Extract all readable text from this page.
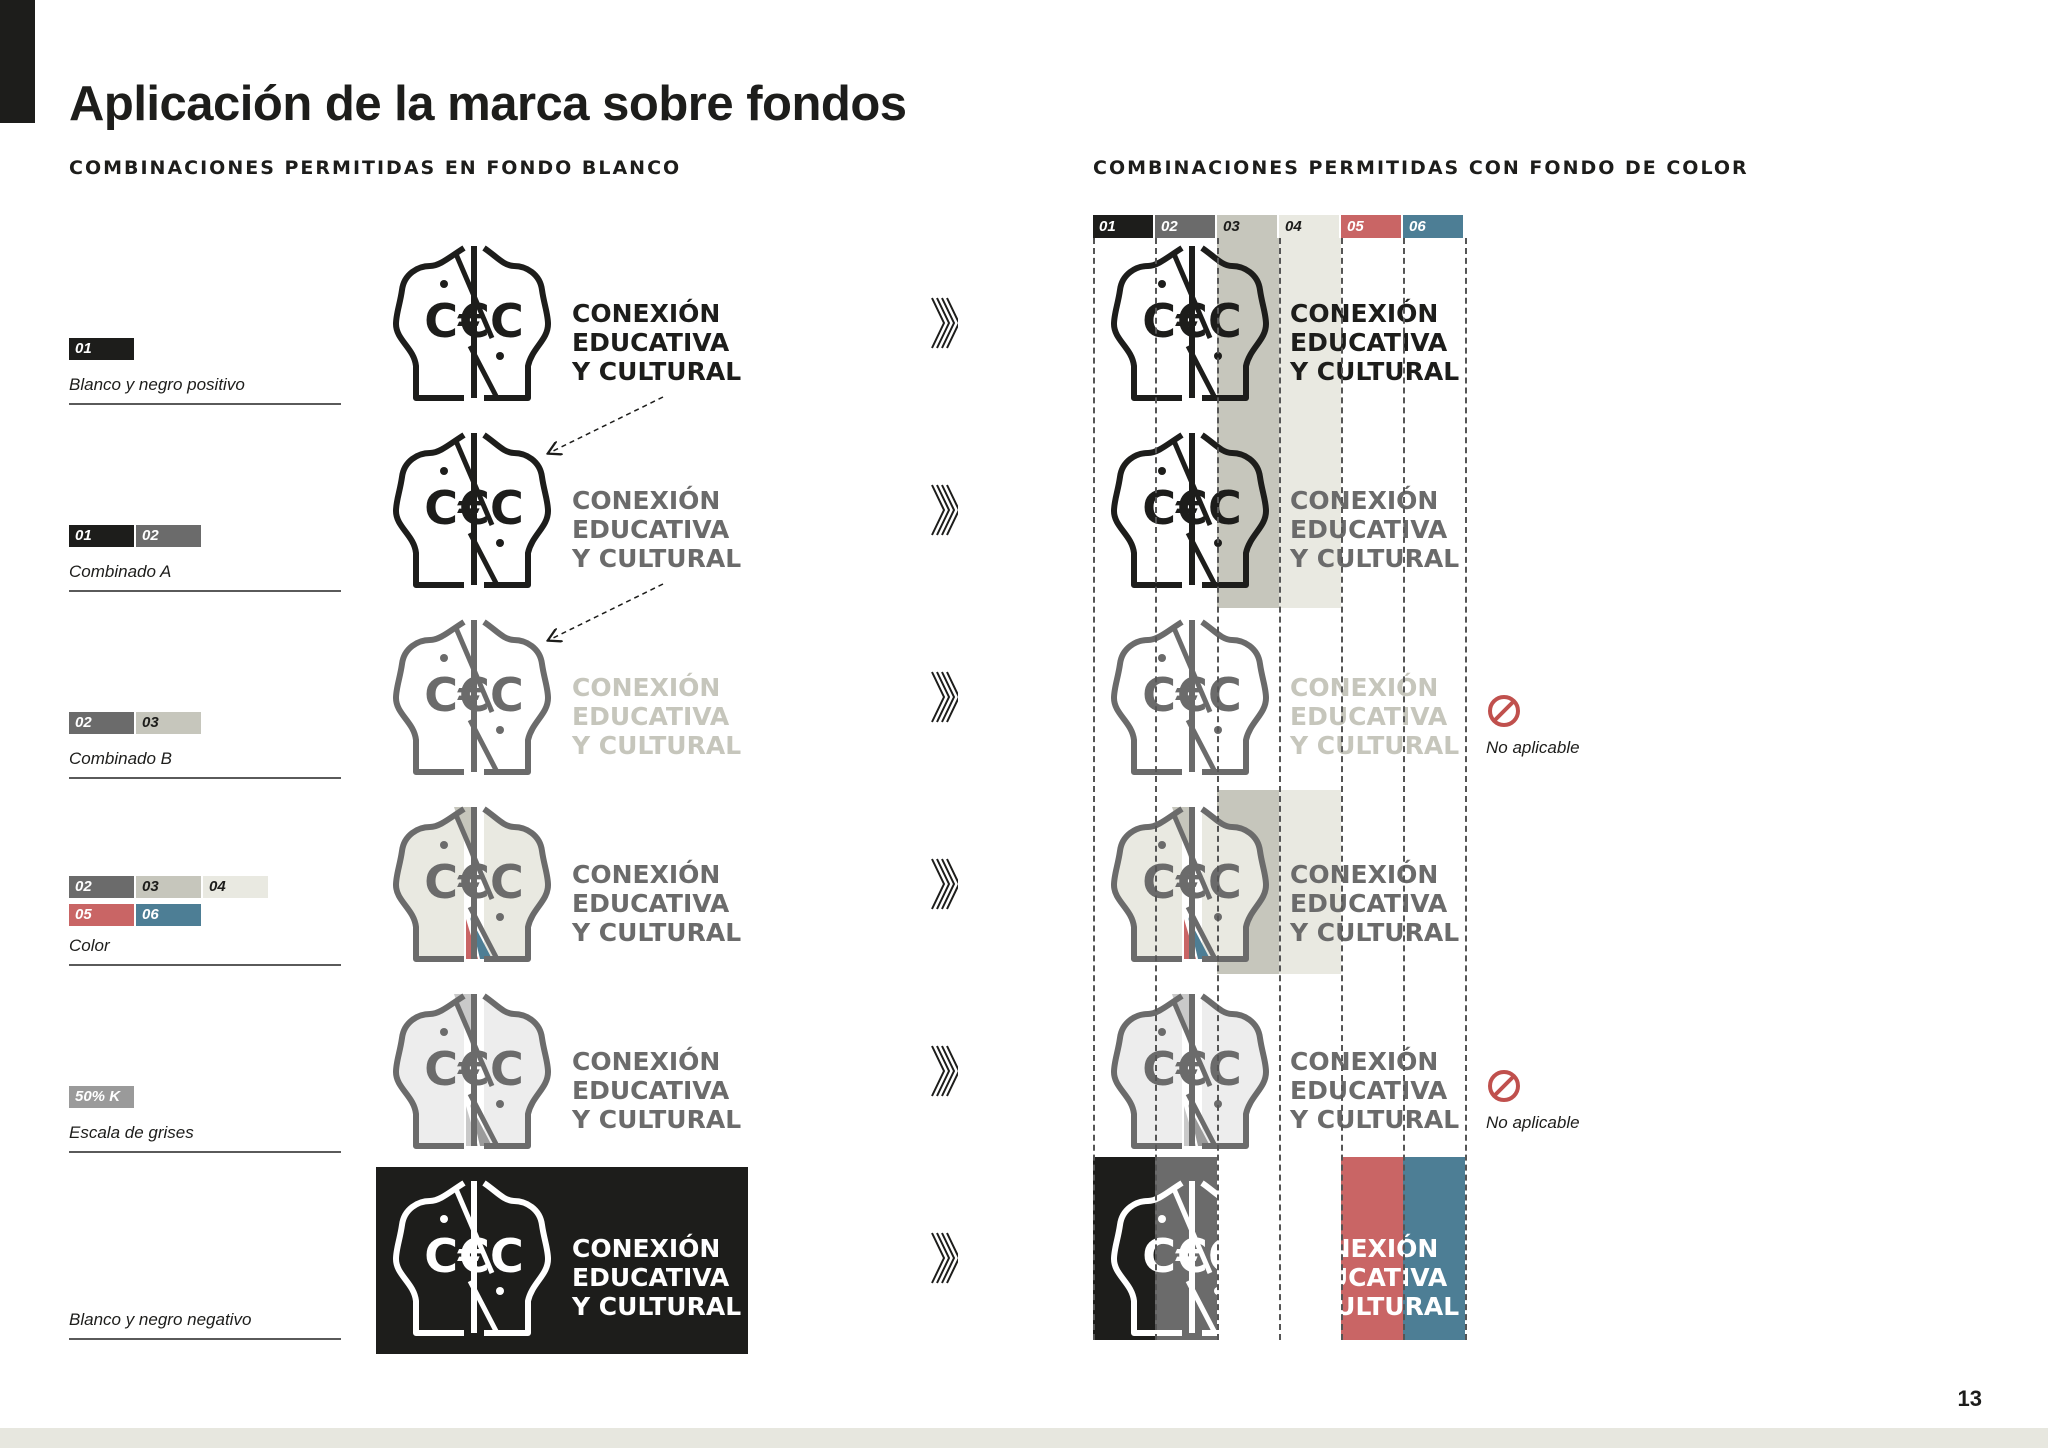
Aplicación de la marca sobre fondos
COMBINACIONES PERMITIDAS EN FONDO BLANCO	COMBINACIONES PERMITIDAS CON FONDO DE COLOR
01
Blanco y negro positivo
01	02
Combinado A
02	03
Combinado B
02	03	04
05	06
Color
50% K
Escala de grises
Blanco y negro negativo
C€C CONEXIÓN
EDUCATIVA
Y CULTURAL
C€C CONEXIÓN
EDUCATIVA
Y CULTURAL
C€C CONEXIÓN
EDUCATIVA
Y CULTURAL
C€C CONEXIÓN
EDUCATIVA
Y CULTURAL
C€C CONEXIÓN
EDUCATIVA
Y CULTURAL
C€C CONEXIÓN
EDUCATIVA
Y CULTURAL
01	02	03	04	05	06
C€C CONEXIÓN
EDUCATIVA
Y CULTURAL
C€C CONEXIÓN
EDUCATIVA
Y CULTURAL
C€C CONEXIÓN
EDUCATIVA
Y CULTURAL
C€C CONEXIÓN
EDUCATIVA
Y CULTURAL
C€C CONEXIÓN
EDUCATIVA
Y CULTURAL
C€C CONEXIÓN
EDUCATIVA
Y CULTURAL
No aplicable
No aplicable
13
